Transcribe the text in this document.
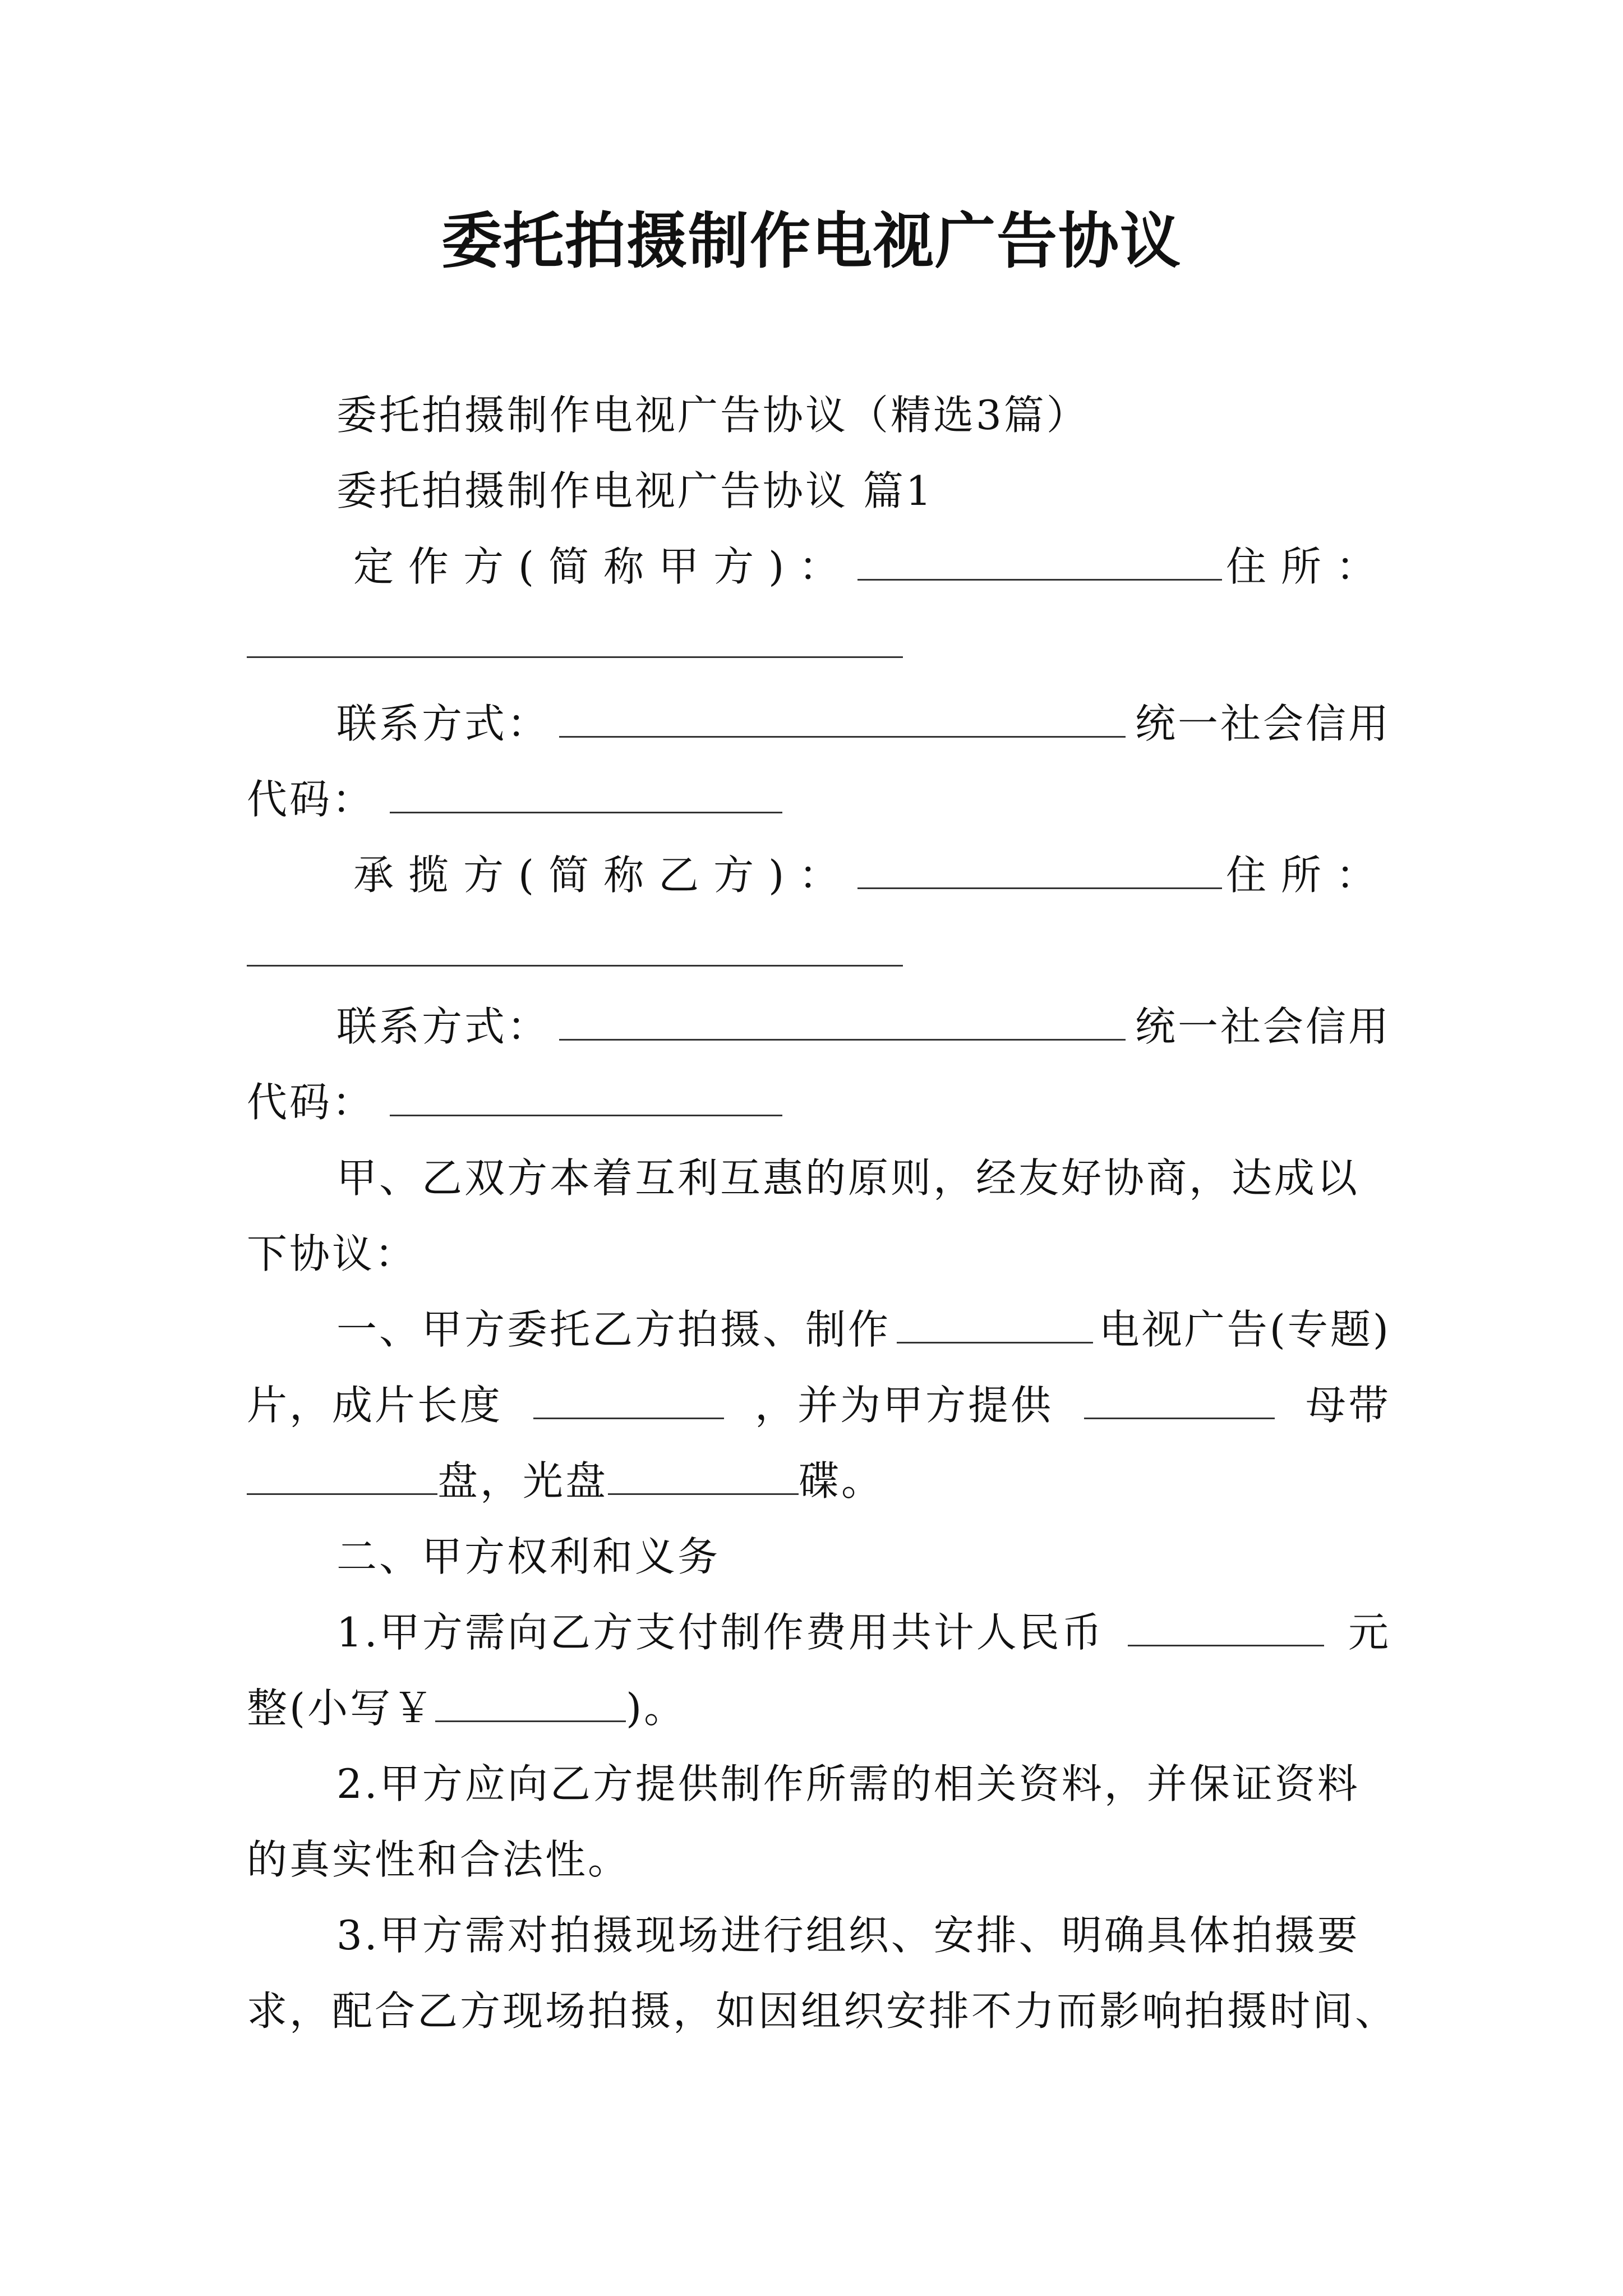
委托拍摄制作电视广告协议
委托拍摄制作电视广告协议（精选3篇）
委托拍摄制作电视广告协议 篇1
定作方(简称甲方)：	住所：
联系方式：	统一社会信用
代码：
承揽方(简称乙方)：	住所：
联系方式：	统一社会信用
代码：
甲、乙双方本着互利互惠的原则，经友好协商，达成以
下协议：
一、甲方委托乙方拍摄、制作	电视广告(专题)
片，成片长度	，并为甲方提供	母带
盘，光盘	碟。
二、甲方权利和义务
1.甲方需向乙方支付制作费用共计人民币	元
整(小写￥	)。
2.甲方应向乙方提供制作所需的相关资料，并保证资料
的真实性和合法性。
3.甲方需对拍摄现场进行组织、安排、明确具体拍摄要
求，配合乙方现场拍摄，如因组织安排不力而影响拍摄时间、
